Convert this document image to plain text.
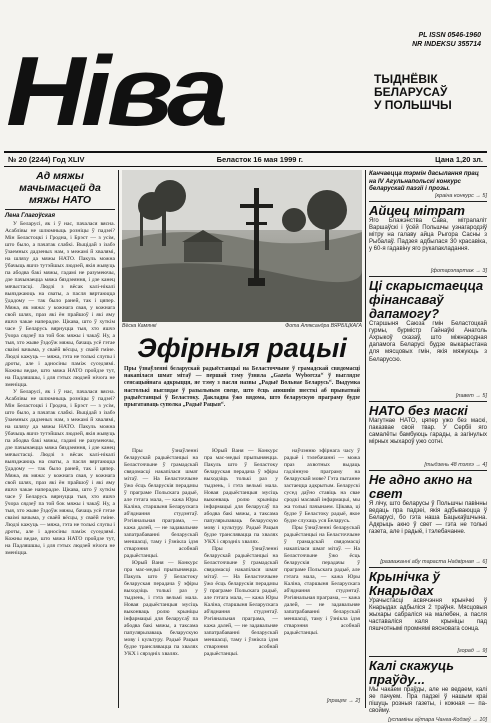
PL ISSN 0546-1960
NR INDEKSU 355714
Ніва	ТЫДНЁВІК
БЕЛАРУСАЎ
У ПОЛЬШЧЫ
№ 20 (2244) Год XLIV	Беласток 16 мая 1999 г.	Цана 1,20 зл.
Ад мяжы мачымасцей да мяжы НАТО
Лена Глагоўская

У Беларусі, як і ў нас, пачалася вясна. Асаблівы не шлюмныць розніцы ў падзеі? Мін Беластоцкі і Гродна, і Брэст — з усім, што было, а пачатак слабкі. Выцідай з ізабэ ўзаемных дадзеных нам, з межамі й хвалямі, на шляху да мяжы НАТО. Пакуль можна ўбачыць яшчэ тутэйшых людзей, якія жывуць па абодва бакі мяжы, гадамі не разумеючы, дзе пачынаецца мяжа бяздзеяння, і дзе канец мячыстасці. Людзі з вёсак калі-нікалі выязджаюць на сваты, а пасля вяртаюцца ўдадому — так было раней, так і цяпер. Мяжа, як мяжа: у кожнага свая, у кожнага свой шлях, праз які ён прайшоў і які яму яшчэ чакае наперадзе. Цікава, што ў хуткім часе ў Беларусь вярнуцца тыя, хто яшчэ ўчора сядзеў па той бок мяжы і чакаў. Ну, а тыя, хто жыве ўздоўж мяжы, бачаць усё гэтае сваімі вачыма, у сваёй вёсцы, у сваёй гміне. Людзі кажуць — мяжа, гэта не толькі слупы і дроты, але і адносіны паміж суседзямі. Кожны ведае, што мяжа НАТО пройдзе тут, на Падляшшы, і для гэтых людзей нічога не зменіцца.

У Беларусі, як і ў нас, пачалася вясна. Асаблівы не шлюмныць розніцы ў падзеі? Мін Беластоцкі і Гродна, і Брэст — з усім, што было, а пачатак слабкі. Выцідай з ізабэ ўзаемных дадзеных нам, з межамі й хвалямі, на шляху да мяжы НАТО. Пакуль можна ўбачыць яшчэ тутэйшых людзей, якія жывуць па абодва бакі мяжы, гадамі не разумеючы, дзе пачынаецца мяжа бяздзеяння, і дзе канец мячыстасці. Людзі з вёсак калі-нікалі выязджаюць на сваты, а пасля вяртаюцца ўдадому — так было раней, так і цяпер. Мяжа, як мяжа: у кожнага свая, у кожнага свой шлях, праз які ён прайшоў і які яму яшчэ чакае наперадзе. Цікава, што ў хуткім часе ў Беларусь вярнуцца тыя, хто яшчэ ўчора сядзеў па той бок мяжы і чакаў. Ну, а тыя, хто жыве ўздоўж мяжы, бачаць усё гэтае сваімі вачыма, у сваёй вёсцы, у сваёй гміне. Людзі кажуць — мяжа, гэта не толькі слупы і дроты, але і адносіны паміж суседзямі. Кожны ведае, што мяжа НАТО пройдзе тут, на Падляшшы, і для гэтых людзей нічога не зменіцца.

Вёска Камянкі	Фота Аляксандра ВЯРБІЦКАГА
Эфірныя рацыі
Пры ўзнаўленні беларускай радыёстанцыі на Беласточчыне ў грамадскай свядомасці накапілася шмат мітаў — першай тэму ўзняла „Gazeta Wyborcza“ ў выглядзе сенсацыйнага адкрыцця, яе тэму з пасля назвы „Радыё Вольнае Беларусь“. Выдумка настолькі выглядае ў разыльным свеце, што ёсць апошнія звесткі аб прыватнай радыёстанцыі ў Беластоку. Дакладна ўжо вядома, што беларускую праграму будзе прыгатаваць суполка „Радыё Рацыя“.

Пры ўзнаўленні беларускай радыёстанцыі на Беласточчыне ў грамадскай свядомасці накапілася шмат мітаў. — На Беласточчыне ўжо ёсць беларускія перадачы ў праграме Польскага радыё, але гэтага мала, — кажа Юры Каліна, старшыня Беларускага аб'яднання студэнтаў. Рэгіянальная праграма, — кажа далей, — не задавальняе запатрабаванні беларускай меншасці, таму і ўзнікла ідэя стварэння асобнай радыёстанцыі.

Юрый Ваня — Конкурс пра мас-медыі прыпыняецца. Пакуль што ў Беластоку беларуская перадача ў эфіры выходзіць толькі раз у тыдзень, і гэта вельмі мала. Новая радыёстанцыя мусіць выконваць ролю крыніцы інфармацыі для беларусаў па абодва бакі мяжы, а таксама папулярызаваць беларускую мову і культуру. Радыё Рацыя будзе транслявацца па хвалях УКХ і сярэдніх хвалях.

Юрый Ваня — Конкурс пра мас-медыі прыпыняецца. Пакуль што ў Беластоку беларуская перадача ў эфіры выходзіць толькі раз у тыдзень, і гэта вельмі мала. Новая радыёстанцыя мусіць выконваць ролю крыніцы інфармацыі для беларусаў па абодва бакі мяжы, а таксама папулярызаваць беларускую мову і культуру. Радыё Рацыя будзе транслявацца па хвалях УКХ і сярэдніх хвалях.

Пры ўзнаўленні беларускай радыёстанцыі на Беласточчыне ў грамадскай свядомасці накапілася шмат мітаў. — На Беласточчыне ўжо ёсць беларускія перадачы ў праграме Польскага радыё, але гэтага мала, — кажа Юры Каліна, старшыня Беларускага аб'яднання студэнтаў. Рэгіянальная праграма, — кажа далей, — не задавальняе запатрабаванні беларускай меншасці, таму і ўзнікла ідэя стварэння асобнай радыёстанцыі.

наўчэнню эфірнага часу ў радыё і тэлебачанні — можа праз ахвотных выдаць гадзінную праграму на беларускай мове? Гэта пытанне застаецца адкрытым. Беларускі сусед даўно ставіць на свае сродкі масавай інфармацыі, мы жа толькі пачынаем. Цікава, ці будзе ў Беластоку радыё, якое будзе слухаць уся Беларусь.

Пры ўзнаўленні беларускай радыёстанцыі на Беласточчыне ў грамадскай свядомасці накапілася шмат мітаў. — На Беласточчыне ўжо ёсць беларускія перадачы ў праграме Польскага радыё, але гэтага мала, — кажа Юры Каліна, старшыня Беларускага аб'яднання студэнтаў. Рэгіянальная праграма, — кажа далей, — не задавальняе запатрабаванні беларускай меншасці, таму і ўзнікла ідэя стварэння асобнай радыёстанцыі.

[працяг → 2]
Канчаецца тэрмін дасылання прац на IV Агульнапольскі конкурс беларускай паэзіі і прозы.
[краіна конкурс → 5]
Айцец мітрат
Яго Блажэнства Сава, мітрапаліт Варшаўскі і ўсёй Польшчы узнагародзіў мітру на галаву айца Рыгора Сасны з Рыбалаў. Падзея адбылася 30 красавіка, у 60-я гадавіну яго рукапакладання.
[фотарэпартаж → 3]
Ці скарыстаецца фінансаваў дапамогу?
Старшыня Саюза гмін Беластоцкай гурмы, бурмістр Гайнаўкі Анатоль Ахрыкоў сказаў, што міжнародная дапамога Беларусі будзе выкарыстана для мясцовых гмін, якія мяжуюць з Беларуссю.
[павет → 5]
НАТО без маскі
Магутнае НАТО, цяпер ужо без маскі, паказвае свой твар. У Сербіі яго самалёты бамбуюць гарады, а загінулых мірных жыхароў ужо сотні.
[тыдзень 48 тэлгэ → 4]
Не адно акно на свет
Я лічу, што беларусы ў Польшчы павінны ведаць пра падзеі, якія адбываюцца ў Беларусі, бо гэта наша Бацькаўшчына. Адкрыць акно ў свет — гэта не толькі газета, але і радыё, і тэлебачанне.
[разважанні абу тараста Надвірная → 6]
Крынічка ў Кнарыдах
Урачыстасці асвячэння крынічкі ў Кнарыдах адбыліся 2 траўня. Мясцовыя жыхары сабраліся на малебен, а пасля частаваліся каля крыніцы пад пяшчотнымі промнямі вясновага сонца.
[горад → 9]
Калі скажуць праўду...
Мы чакаем праўды, але не ведаем, калі яе пачуем. Пра падзеі ў нашым краі пішуць розныя газеты, і кожная — па-свойму.
[успаміны аўтара Чанга-Кодзеў → 10]
